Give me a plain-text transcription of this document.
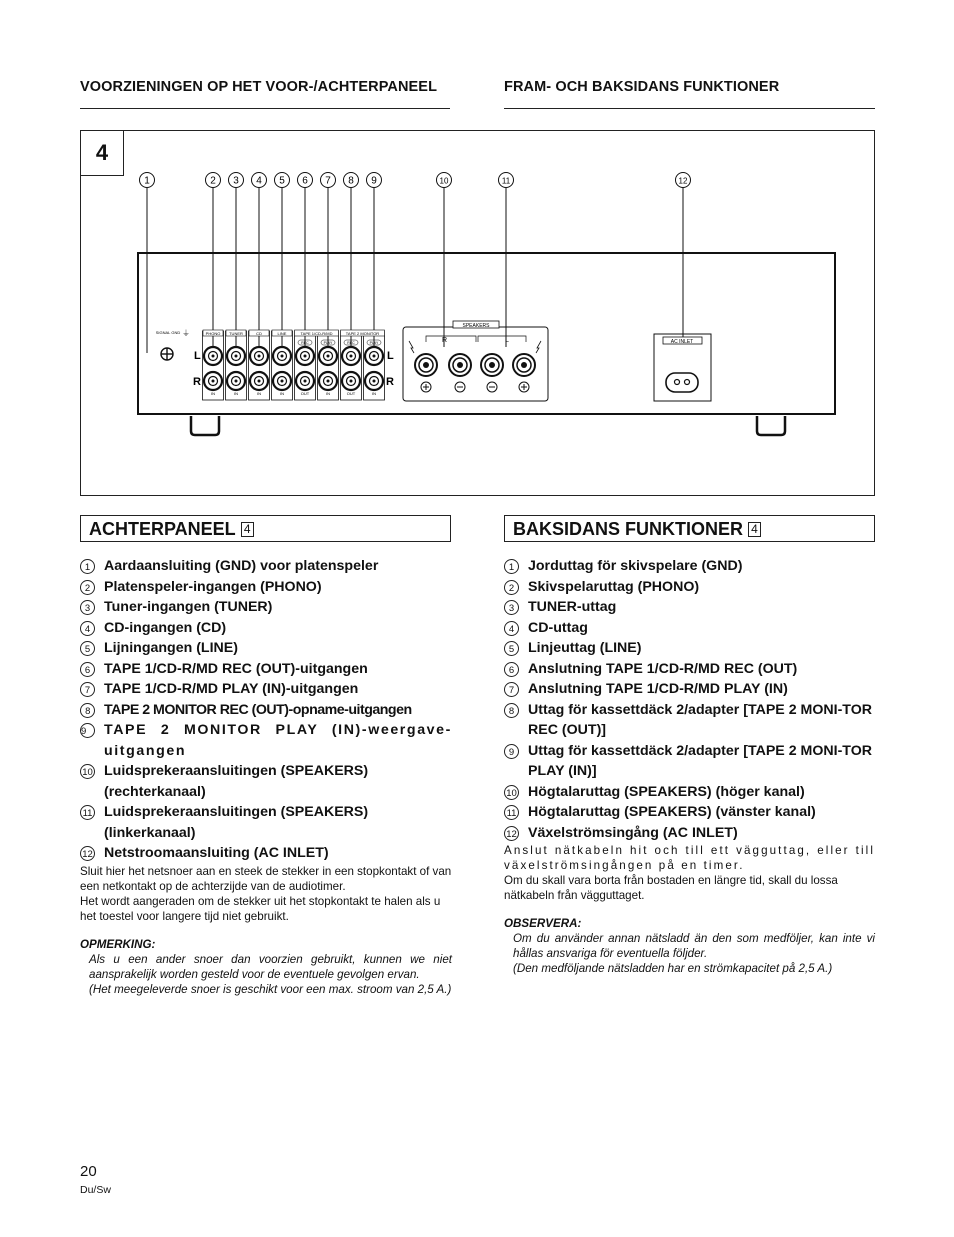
VOORZIENINGEN OP HET VOOR-/ACHTERPANEEL	FRAM- OCH BAKSIDANS FUNKTIONER
4
1	2 3 4 5 6 7 8 9	10	11	12
SIGNAL GND ⏚	PHONO
IN
TUNER
IN
CD
IN
LINE
IN
REC
OUT
PLAY
IN
REC
OUT
PLAY
IN
TAPE 1/CD-R/MD	TAPE 2 MONITOR
L
R
L
R
SPEAKERS
R	L	AC INLET
ACHTERPANEEL 4	BAKSIDANS FUNKTIONER 4
1 Aardaansluiting (GND) voor platenspeler
2 Platenspeler-ingangen (PHONO)
3 Tuner-ingangen (TUNER)
4 CD-ingangen (CD)
5 Lijningangen (LINE)
6 TAPE 1/CD-R/MD REC (OUT)-uitgangen
7 TAPE 1/CD-R/MD PLAY (IN)-uitgangen
8 TAPE 2 MONITOR REC (OUT)-opname-uitgangen
9	TAPE 2 MONITOR PLAY (IN)-weergave-uitgangen
10 Luidsprekeraansluitingen (SPEAKERS) (rechterkanaal)
11 Luidsprekeraansluitingen (SPEAKERS) (linkerkanaal)
12 Netstroomaansluiting (AC INLET)
Sluit hier het netsnoer aan en steek de stekker in een stopkontakt of van een netkontakt op de achterzijde van de audiotimer.
Het wordt aangeraden om de stekker uit het stopkontakt te halen als u het toestel voor langere tijd niet gebruikt.
OPMERKING:
Als u een ander snoer dan voorzien gebruikt, kunnen we niet aansprakelijk worden gesteld voor de eventuele gevolgen ervan.
(Het meegeleverde snoer is geschikt voor een max. stroom van 2,5 A.)
1 Jorduttag för skivspelare (GND)
2 Skivspelaruttag (PHONO)
3 TUNER-uttag
4 CD-uttag
5 Linjeuttag (LINE)
6 Anslutning TAPE 1/CD-R/MD REC (OUT)
7 Anslutning TAPE 1/CD-R/MD PLAY (IN)
8 Uttag för kassettdäck 2/adapter [TAPE 2 MONI-TOR REC (OUT)]
9 Uttag för kassettdäck 2/adapter [TAPE 2 MONI-TOR PLAY (IN)]
10 Högtalaruttag (SPEAKERS) (höger kanal)
11 Högtalaruttag (SPEAKERS) (vänster kanal)
12 Växelströmsingång (AC INLET)
Anslut nätkabeln hit och till ett vägguttag, eller till växelströmsingången på en timer.
Om du skall vara borta från bostaden en längre tid, skall du lossa nätkabeln från vägguttaget.
OBSERVERA:
Om du använder annan nätsladd än den som medföljer, kan inte vi hållas ansvariga för eventuella följder.
(Den medföljande nätsladden har en strömkapacitet på 2,5 A.)
20
Du/Sw
